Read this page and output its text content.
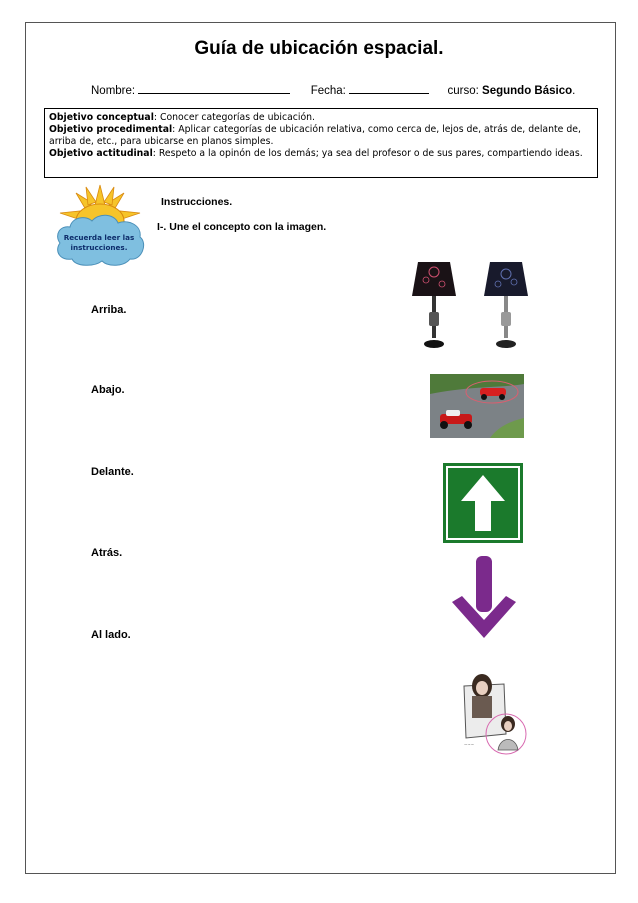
Guía de ubicación espacial.
Nombre:	Fecha:	curso: Segundo Básico.
Objetivo conceptual: Conocer categorías de ubicación.
Objetivo procedimental: Aplicar categorías de ubicación relativa, como cerca de, lejos de, atrás de, delante de, arriba de, etc., para ubicarse en planos simples.
Objetivo actitudinal: Respeto a la opinón de los demás; ya sea del profesor o de sus pares, compartiendo ideas.
Recuerda leer las
instrucciones.
Instrucciones.
I-. Une el concepto con la imagen.
Arriba.
Abajo.
Delante.
Atrás.
Al lado.
~~~
